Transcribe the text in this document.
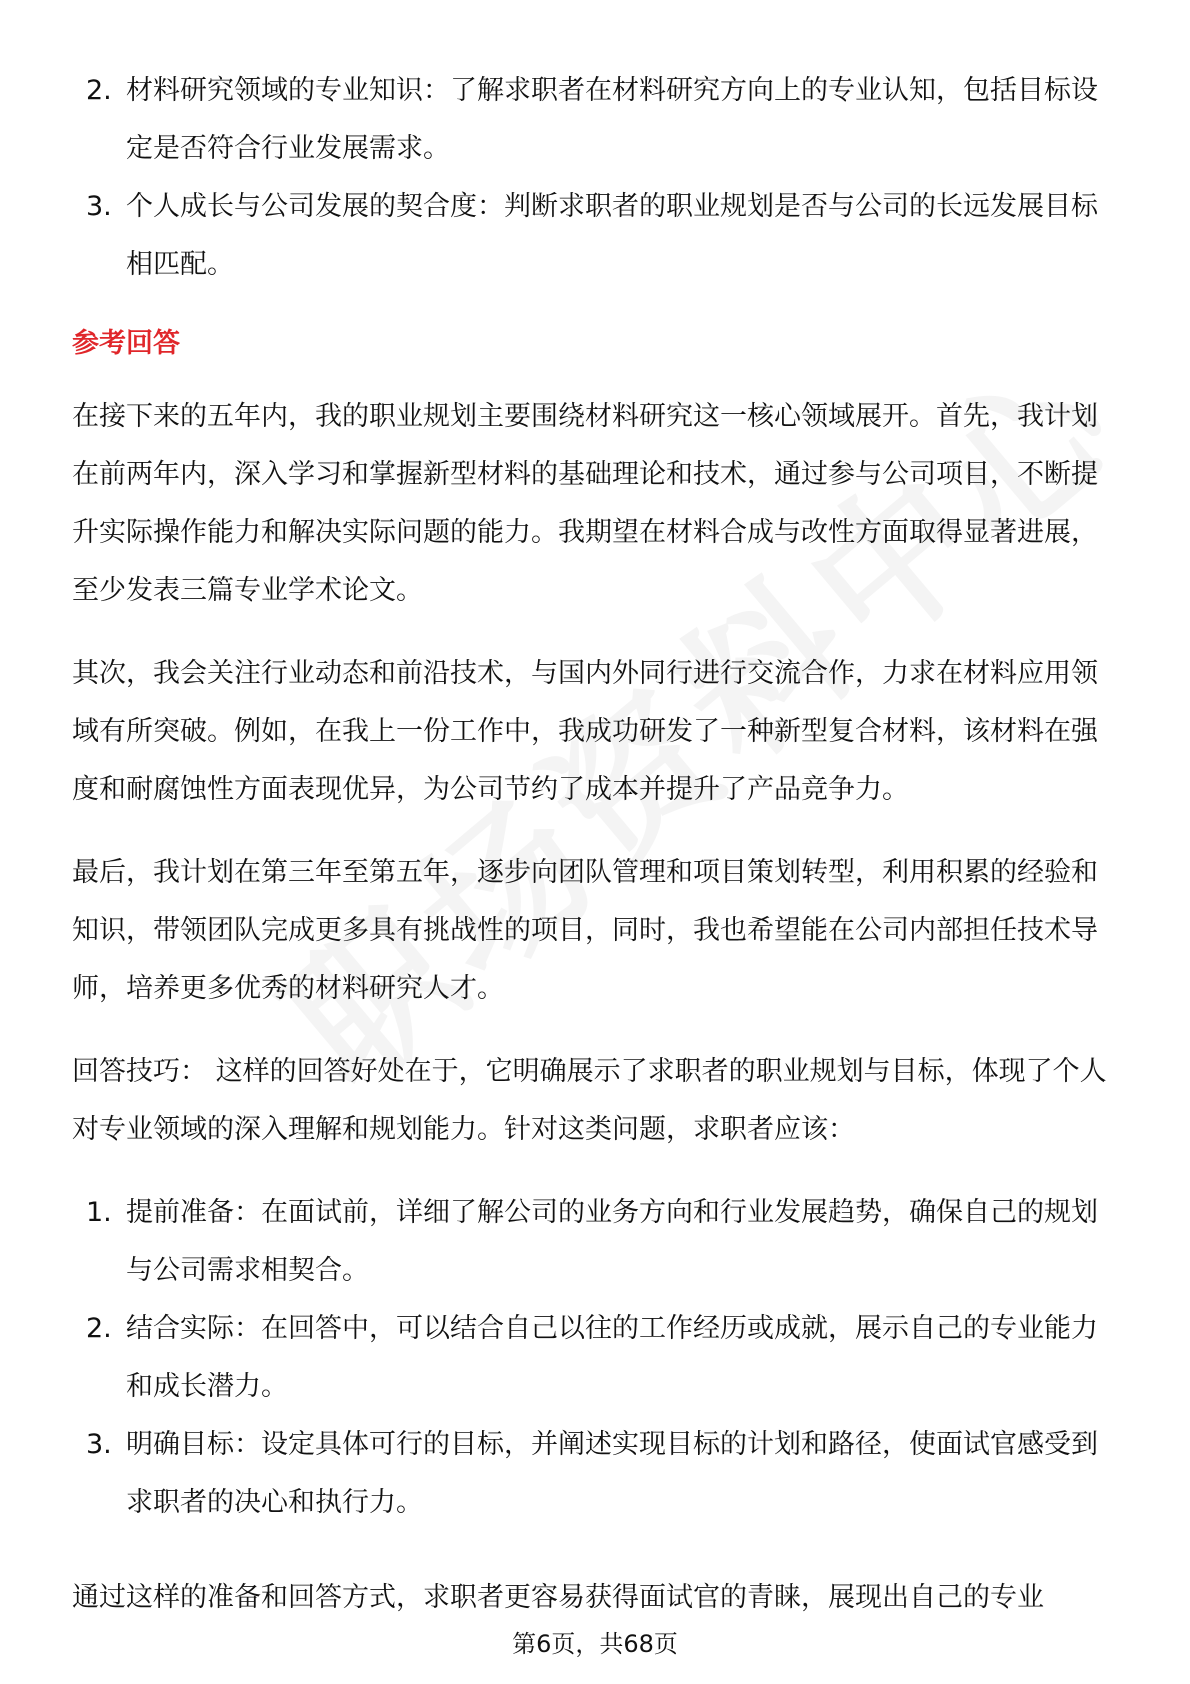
2. 材料研究领域的专业知识：了解求职者在材料研究方向上的专业认知，包括目标设定是否符合行业发展需求。
3. 个人成长与公司发展的契合度：判断求职者的职业规划是否与公司的长远发展目标相匹配。
参考回答

在接下来的五年内，我的职业规划主要围绕材料研究这一核心领域展开。首先，我计划在前两年内，深入学习和掌握新型材料的基础理论和技术，通过参与公司项目，不断提升实际操作能力和解决实际问题的能力。我期望在材料合成与改性方面取得显著进展，至少发表三篇专业学术论文。

其次，我会关注行业动态和前沿技术，与国内外同行进行交流合作，力求在材料应用领域有所突破。例如，在我上一份工作中，我成功研发了一种新型复合材料，该材料在强度和耐腐蚀性方面表现优异，为公司节约了成本并提升了产品竞争力。

最后，我计划在第三年至第五年，逐步向团队管理和项目策划转型，利用积累的经验和知识，带领团队完成更多具有挑战性的项目，同时，我也希望能在公司内部担任技术导师，培养更多优秀的材料研究人才。

回答技巧： 这样的回答好处在于，它明确展示了求职者的职业规划与目标，体现了个人对专业领域的深入理解和规划能力。针对这类问题，求职者应该：

1. 提前准备：在面试前，详细了解公司的业务方向和行业发展趋势，确保自己的规划与公司需求相契合。
2. 结合实际：在回答中，可以结合自己以往的工作经历或成就，展示自己的专业能力和成长潜力。
3. 明确目标：设定具体可行的目标，并阐述实现目标的计划和路径，使面试官感受到求职者的决心和执行力。
通过这样的准备和回答方式，求职者更容易获得面试官的青睐，展现出自己的专业
第6页，共68页
